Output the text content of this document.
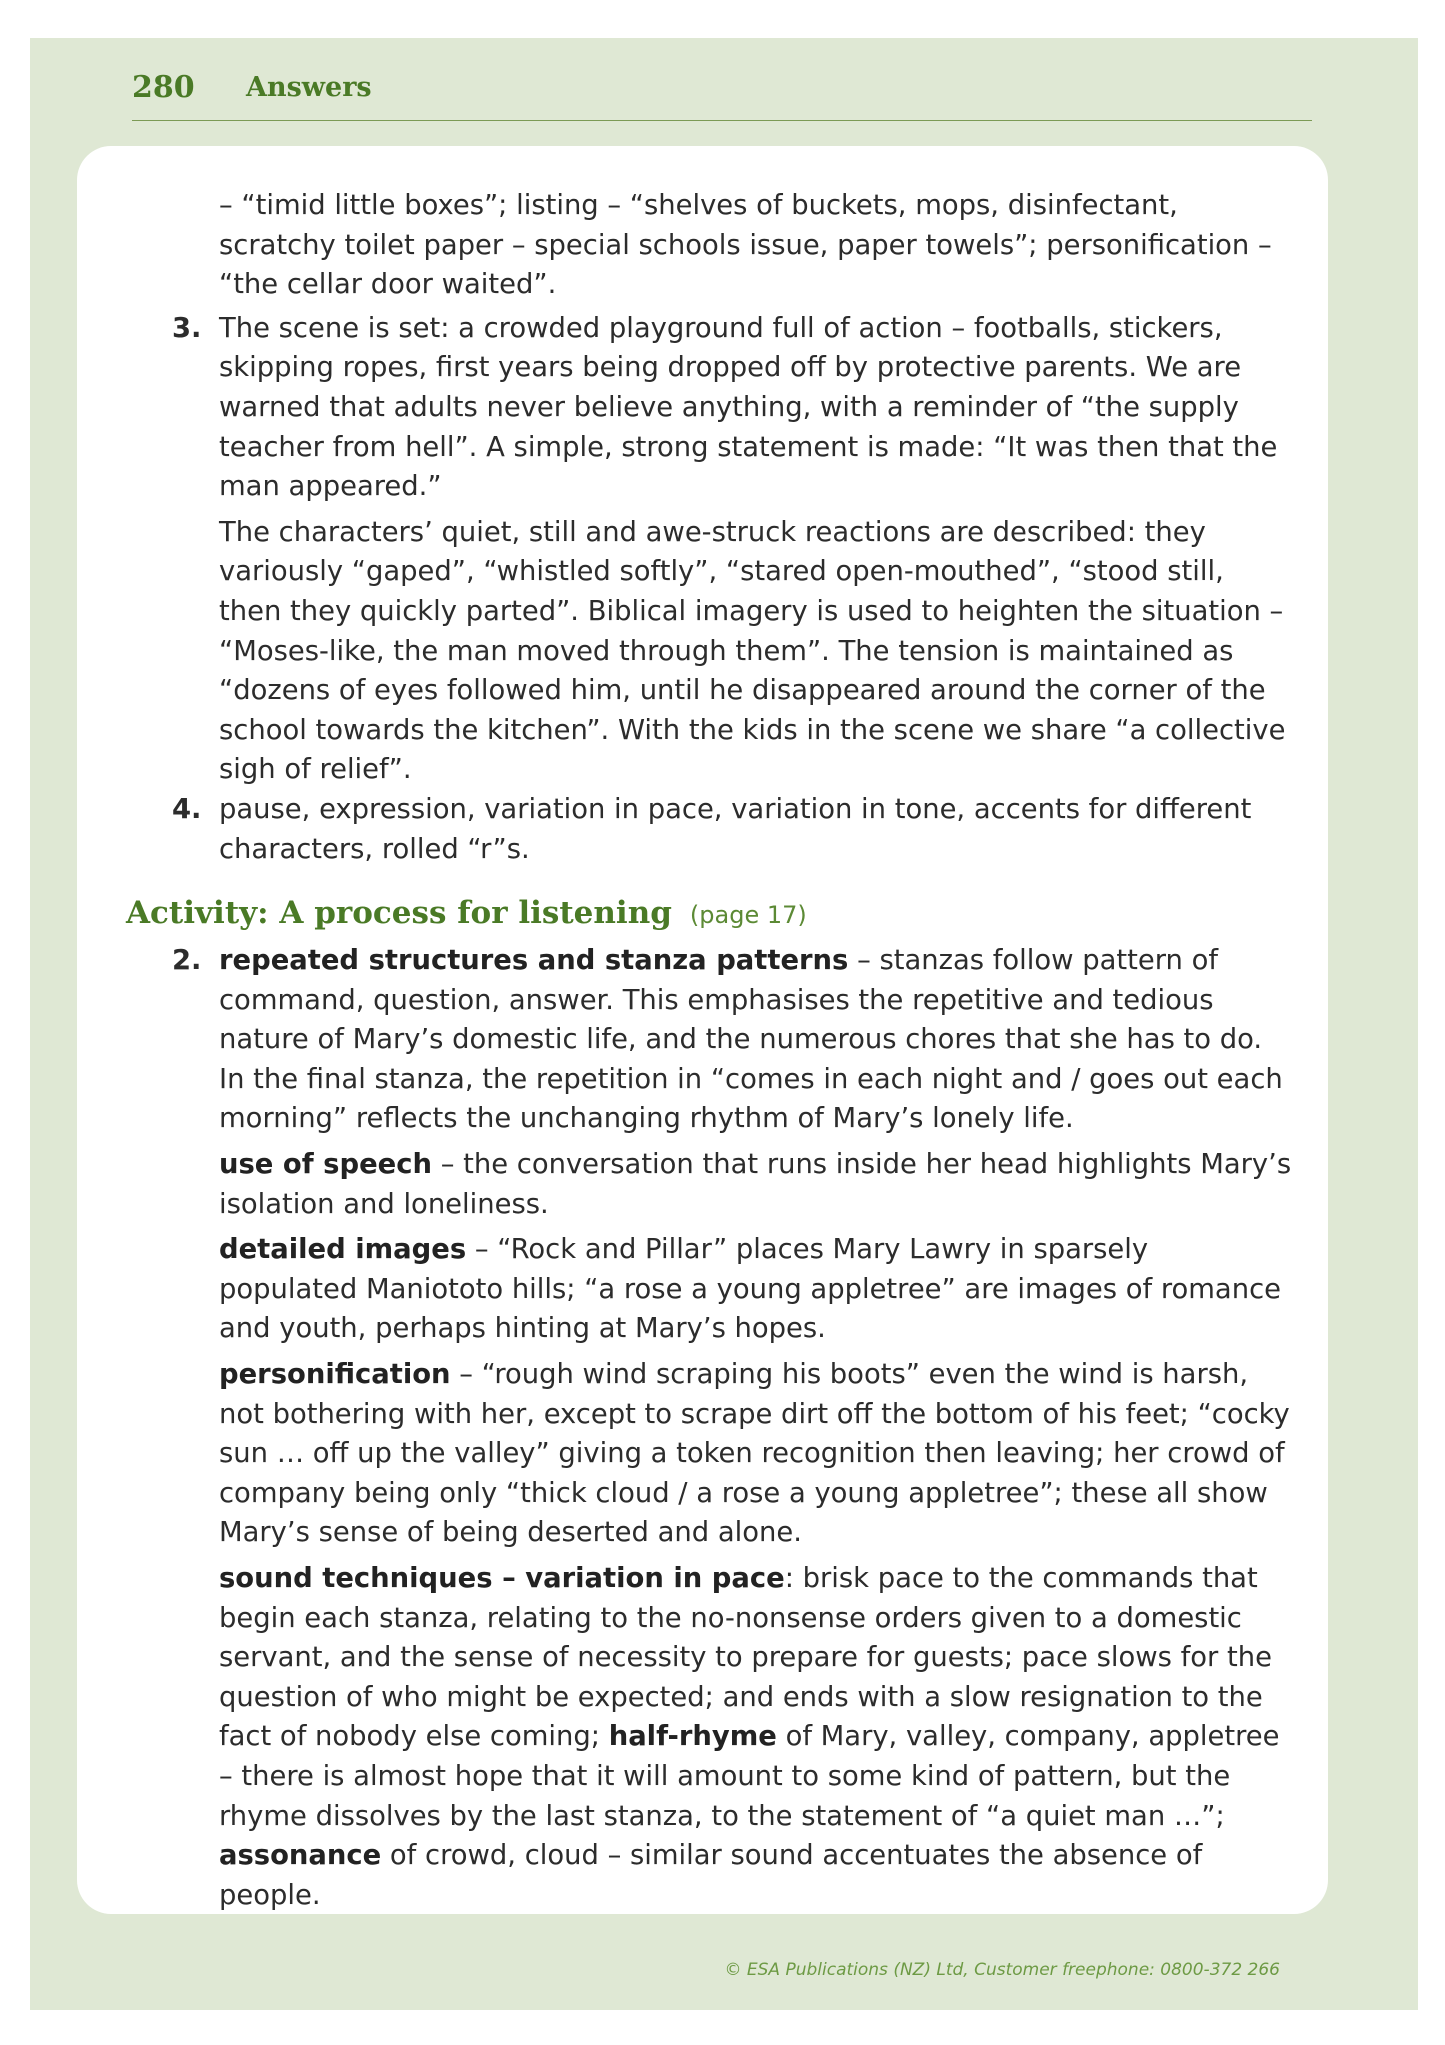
280 Answers

– “timid little boxes”; listing – “shelves of buckets, mops, disinfectant, scratchy toilet paper – special schools issue, paper towels”; personification – “the cellar door waited”.

3. The scene is set: a crowded playground full of action – footballs, stickers, skipping ropes, first years being dropped off by protective parents. We are warned that adults never believe anything, with a reminder of “the supply teacher from hell”. A simple, strong statement is made: “It was then that the man appeared.”

The characters’ quiet, still and awe-struck reactions are described: they variously “gaped”, “whistled softly”, “stared open-mouthed”, “stood still, then they quickly parted”. Biblical imagery is used to heighten the situation – “Moses-like, the man moved through them”. The tension is maintained as “dozens of eyes followed him, until he disappeared around the corner of the school towards the kitchen”. With the kids in the scene we share “a collective sigh of relief”.

4. pause, expression, variation in pace, variation in tone, accents for different characters, rolled “r”s.

Activity: A process for listening (page 17)
2. repeated structures and stanza patterns – stanzas follow pattern of command, question, answer. This emphasises the repetitive and tedious nature of Mary’s domestic life, and the numerous chores that she has to do. In the final stanza, the repetition in “comes in each night and / goes out each morning” reflects the unchanging rhythm of Mary’s lonely life.

use of speech – the conversation that runs inside her head highlights Mary’s isolation and loneliness.

detailed images – “Rock and Pillar” places Mary Lawry in sparsely populated Maniototo hills; “a rose a young appletree” are images of romance and youth, perhaps hinting at Mary’s hopes.

personification – “rough wind scraping his boots” even the wind is harsh, not bothering with her, except to scrape dirt off the bottom of his feet; “cocky sun … off up the valley” giving a token recognition then leaving; her crowd of company being only “thick cloud / a rose a young appletree”; these all show Mary’s sense of being deserted and alone.

sound techniques – variation in pace: brisk pace to the commands that begin each stanza, relating to the no-nonsense orders given to a domestic servant, and the sense of necessity to prepare for guests; pace slows for the question of who might be expected; and ends with a slow resignation to the fact of nobody else coming; half-rhyme of Mary, valley, company, appletree – there is almost hope that it will amount to some kind of pattern, but the rhyme dissolves by the last stanza, to the statement of “a quiet man …”; assonance of crowd, cloud – similar sound accentuates the absence of people.

© ESA Publications (NZ) Ltd, Customer freephone: 0800-372 266
